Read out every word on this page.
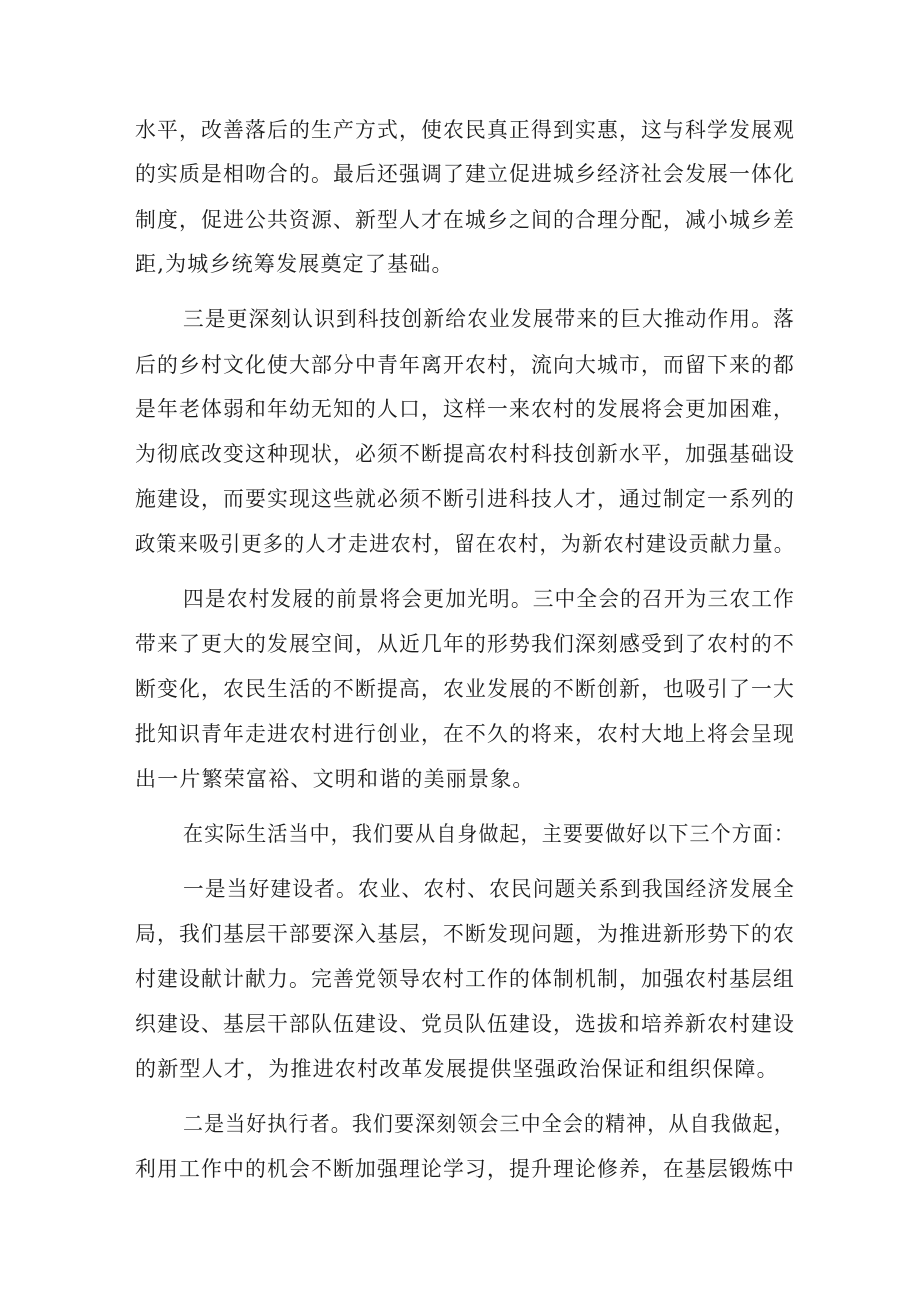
水平，改善落后的生产方式，使农民真正得到实惠，这与科学发展观
的实质是相吻合的。最后还强调了建立促进城乡经济社会发展一体化
制度，促进公共资源、新型人才在城乡之间的合理分配，减小城乡差
距,为城乡统筹发展奠定了基础。
三是更深刻认识到科技创新给农业发展带来的巨大推动作用。落
后的乡村文化使大部分中青年离开农村，流向大城市，而留下来的都
是年老体弱和年幼无知的人口，这样一来农村的发展将会更加困难，
为彻底改变这种现状，必须不断提高农村科技创新水平，加强基础设
施建设，而要实现这些就必须不断引进科技人才，通过制定一系列的
政策来吸引更多的人才走进农村，留在农村，为新农村建设贡献力量。
四是农村发屐的前景将会更加光明。三中全会的召开为三农工作
带来了更大的发展空间，从近几年的形势我们深刻感受到了农村的不
断变化，农民生活的不断提高，农业发展的不断创新，也吸引了一大
批知识青年走进农村进行创业，在不久的将来，农村大地上将会呈现
出一片繁荣富裕、文明和谐的美丽景象。
在实际生活当中，我们要从自身做起，主要要做好以下三个方面：
一是当好建设者。农业、农村、农民问题关系到我国经济发展全
局，我们基层干部要深入基层，不断发现问题，为推进新形势下的农
村建设献计献力。完善党领导农村工作的体制机制，加强农村基层组
织建设、基层干部队伍建设、党员队伍建设，选拔和培养新农村建设
的新型人才，为推进农村改革发展提供坚强政治保证和组织保障。
二是当好执行者。我们要深刻领会三中全会的精神，从自我做起，
利用工作中的机会不断加强理论学习，提升理论修养，在基层锻炼中
